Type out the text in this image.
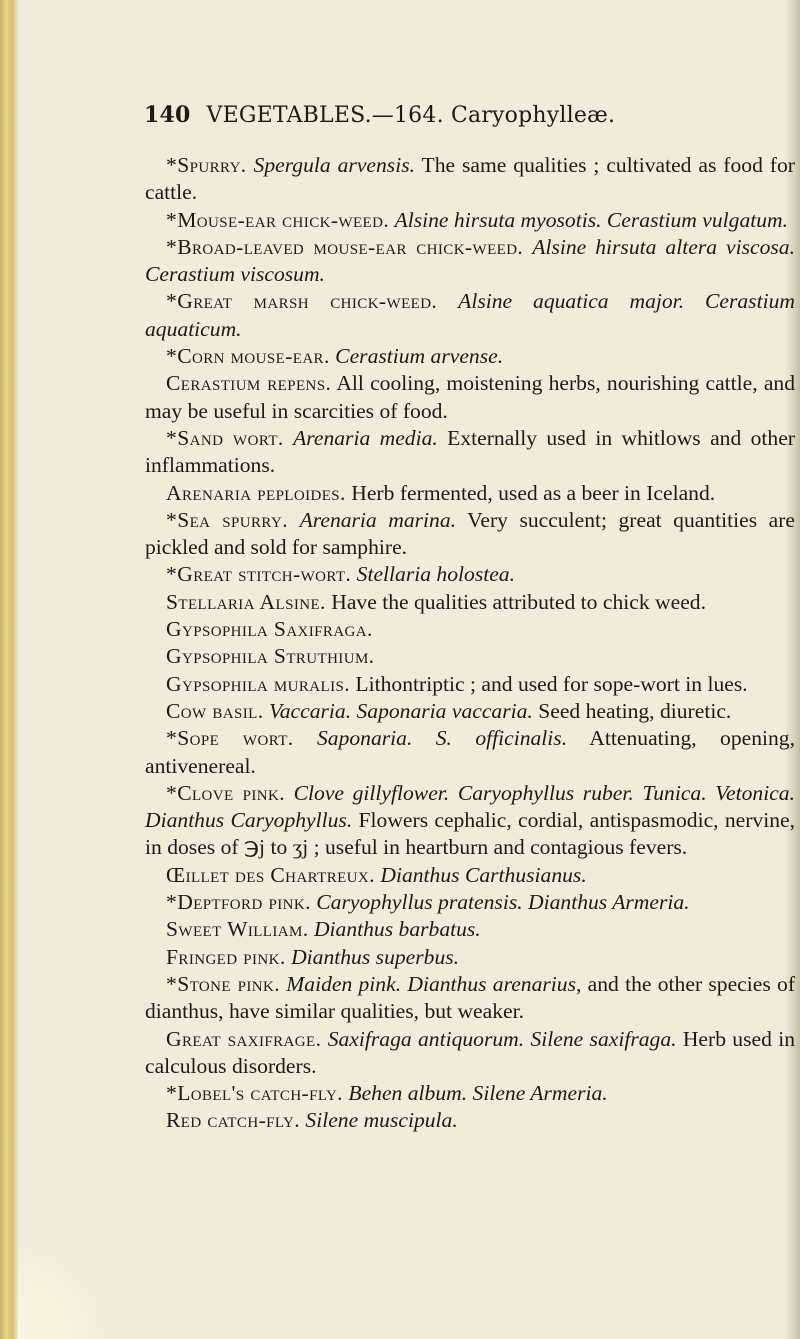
140 VEGETABLES.—164. Caryophylleæ.

*Spurry. Spergula arvensis. The same qualities ; cultivated as food for cattle.

*Mouse-ear chick-weed. Alsine hirsuta myosotis. Cerastium vulgatum.

*Broad-leaved mouse-ear chick-weed. Alsine hirsuta altera viscosa. Cerastium viscosum.

*Great marsh chick-weed. Alsine aquatica major. Cerastium aquaticum.

*Corn mouse-ear. Cerastium arvense.

Cerastium repens. All cooling, moistening herbs, nourishing cattle, and may be useful in scarcities of food.

*Sand wort. Arenaria media. Externally used in whitlows and other inflammations.

Arenaria peploides. Herb fermented, used as a beer in Iceland.

*Sea spurry. Arenaria marina. Very succulent; great quantities are pickled and sold for samphire.

*Great stitch-wort. Stellaria holostea.

Stellaria Alsine. Have the qualities attributed to chick weed.

Gypsophila Saxifraga.

Gypsophila Struthium.

Gypsophila muralis. Lithontriptic ; and used for sope-wort in lues.

Cow basil. Vaccaria. Saponaria vaccaria. Seed heating, diuretic.

*Sope wort. Saponaria. S. officinalis. Attenuating, opening, antivenereal.

*Clove pink. Clove gillyflower. Caryophyllus ruber. Tunica. Vetonica. Dianthus Caryophyllus. Flowers cephalic, cordial, antispasmodic, nervine, in doses of ℈j to ʒj ; useful in heartburn and contagious fevers.

Œillet des Chartreux. Dianthus Carthusianus.

*Deptford pink. Caryophyllus pratensis. Dianthus Armeria.

Sweet William. Dianthus barbatus.

Fringed pink. Dianthus superbus.

*Stone pink. Maiden pink. Dianthus arenarius, and the other species of dianthus, have similar qualities, but weaker.

Great saxifrage. Saxifraga antiquorum. Silene saxifraga. Herb used in calculous disorders.

*Lobel's catch-fly. Behen album. Silene Armeria.

Red catch-fly. Silene muscipula.
